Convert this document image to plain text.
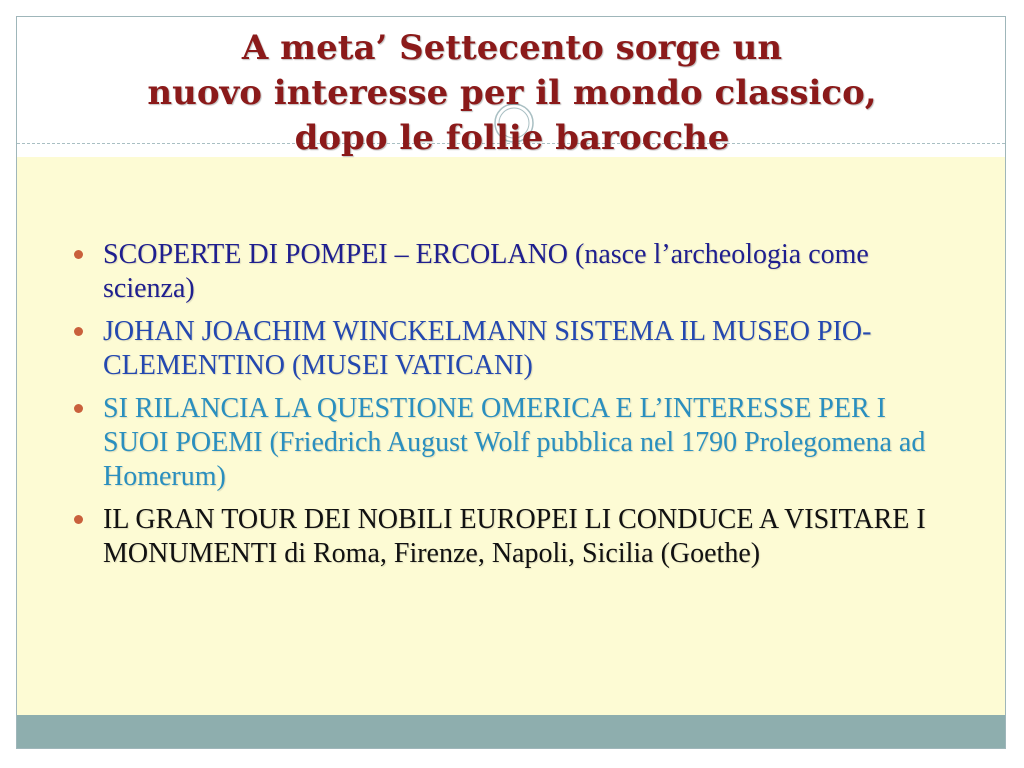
A meta’ Settecento sorge un
nuovo interesse per il mondo classico,
dopo le follie barocche
SCOPERTE DI POMPEI – ERCOLANO (nasce l’archeologia come scienza)
JOHAN JOACHIM WINCKELMANN SISTEMA IL MUSEO PIO-CLEMENTINO (MUSEI VATICANI)
SI RILANCIA LA QUESTIONE OMERICA E L’INTERESSE PER I SUOI POEMI (Friedrich August Wolf pubblica nel 1790 Prolegomena ad Homerum)
IL GRAN TOUR DEI NOBILI EUROPEI LI CONDUCE A VISITARE I MONUMENTI di Roma, Firenze, Napoli, Sicilia (Goethe)
